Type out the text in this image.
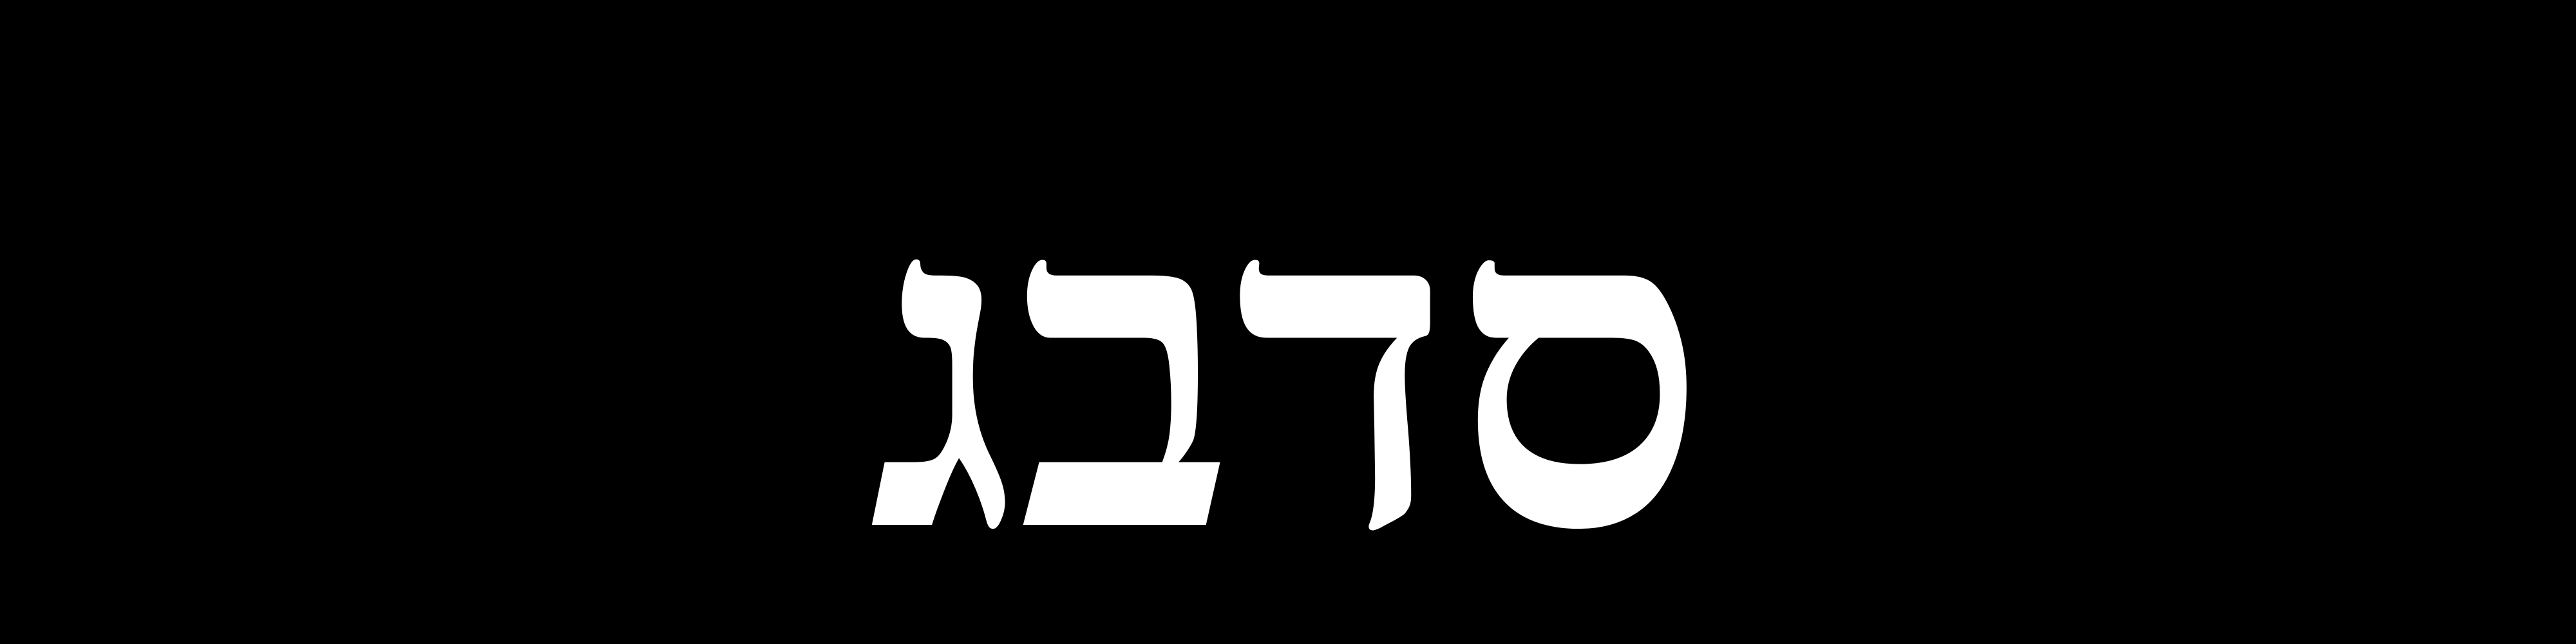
ס
ד
ב
ג
